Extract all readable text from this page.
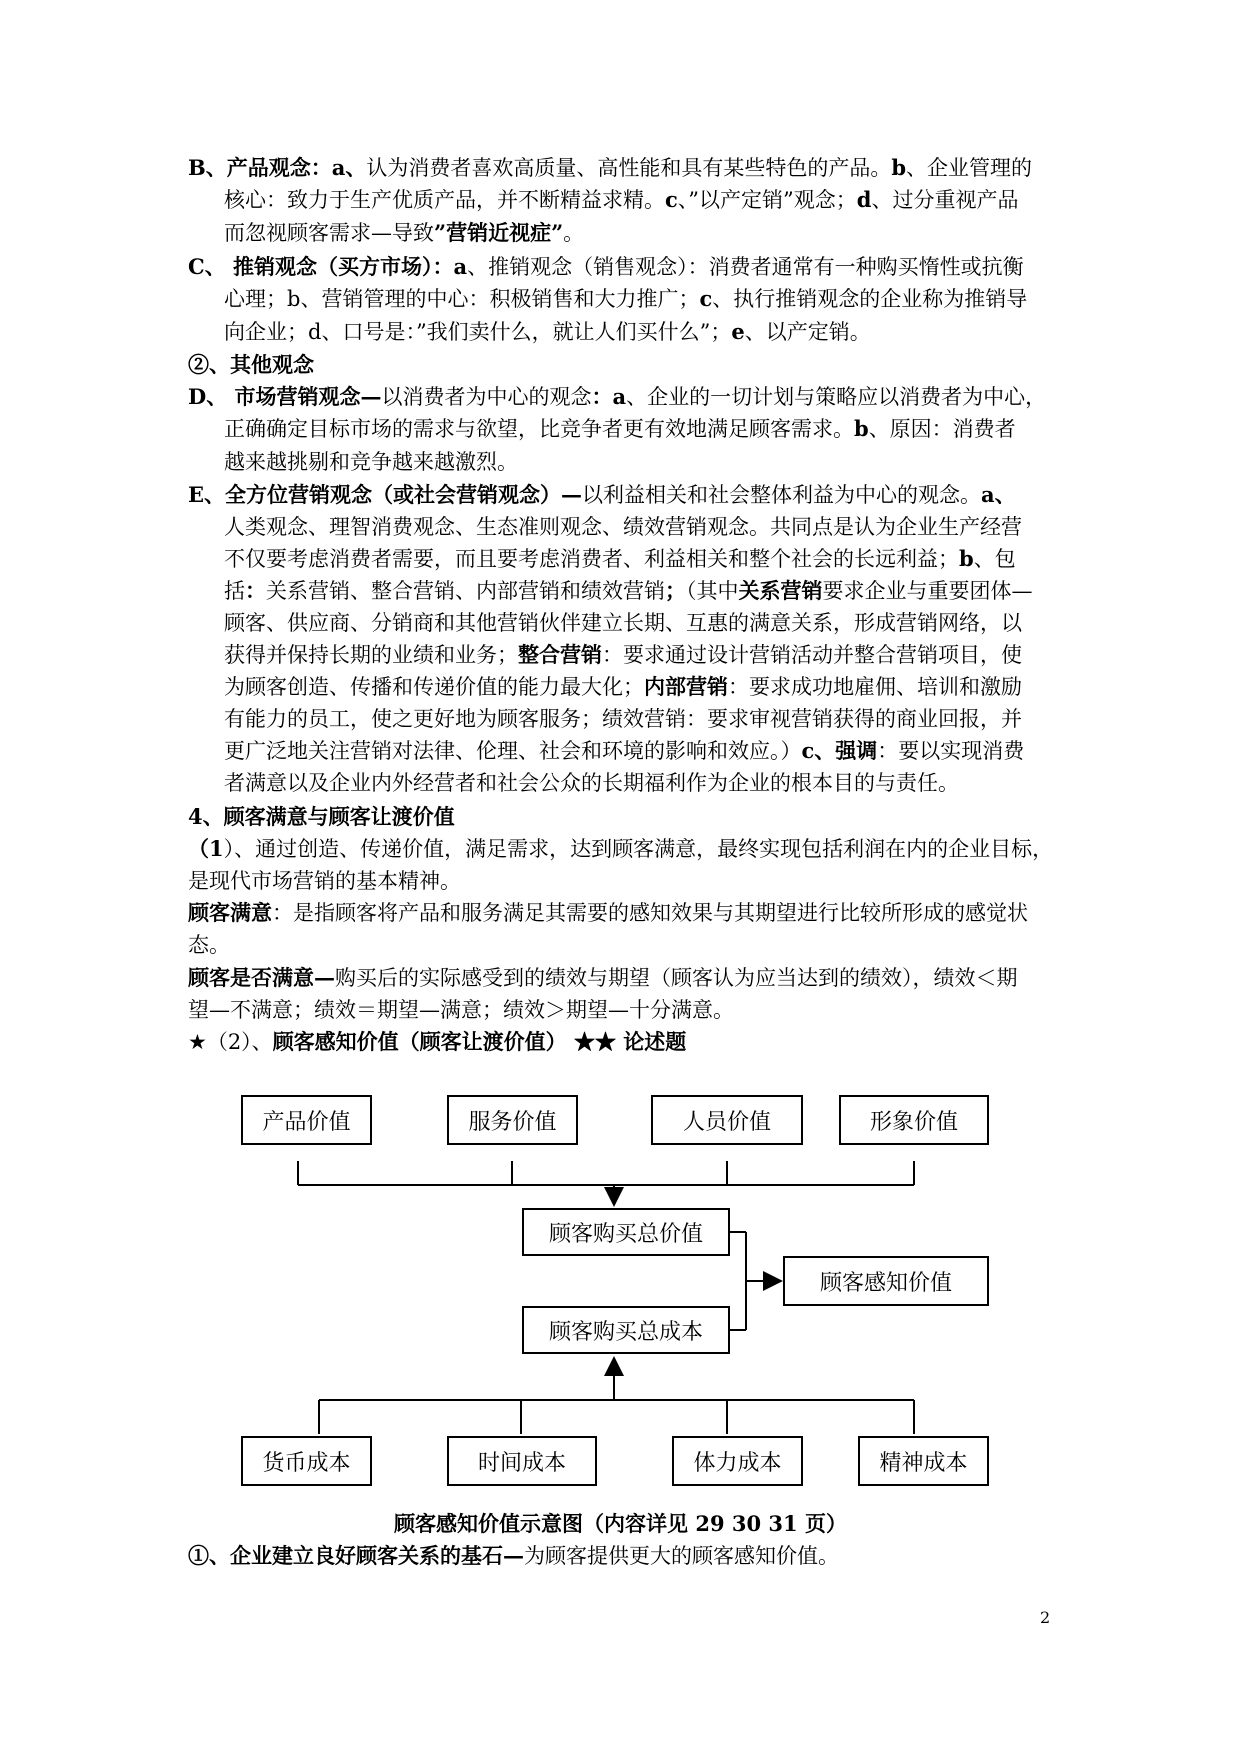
B、产品观念：a、认为消费者喜欢高质量、高性能和具有某些特色的产品。b、企业管理的
核心：致力于生产优质产品，并不断精益求精。c、”以产定销”观念；d、过分重视产品
而忽视顾客需求—导致”营销近视症”。
C、 推销观念（买方市场）：a、推销观念（销售观念）：消费者通常有一种购买惰性或抗衡
心理；b、营销管理的中心：积极销售和大力推广；c、执行推销观念的企业称为推销导
向企业；d、口号是：”我们卖什么，就让人们买什么”；e、以产定销。
②、其他观念
D、 市场营销观念—以消费者为中心的观念：a、企业的一切计划与策略应以消费者为中心，
正确确定目标市场的需求与欲望，比竞争者更有效地满足顾客需求。b、原因：消费者
越来越挑剔和竞争越来越激烈。
E、全方位营销观念（或社会营销观念）—以利益相关和社会整体利益为中心的观念。a、
人类观念、理智消费观念、生态准则观念、绩效营销观念。共同点是认为企业生产经营
不仅要考虑消费者需要，而且要考虑消费者、利益相关和整个社会的长远利益；b、包
括：关系营销、整合营销、内部营销和绩效营销；（其中关系营销要求企业与重要团体—
顾客、供应商、分销商和其他营销伙伴建立长期、互惠的满意关系，形成营销网络，以
获得并保持长期的业绩和业务；整合营销：要求通过设计营销活动并整合营销项目，使
为顾客创造、传播和传递价值的能力最大化；内部营销：要求成功地雇佣、培训和激励
有能力的员工，使之更好地为顾客服务；绩效营销：要求审视营销获得的商业回报，并
更广泛地关注营销对法律、伦理、社会和环境的影响和效应。）c、强调：要以实现消费
者满意以及企业内外经营者和社会公众的长期福利作为企业的根本目的与责任。
4、顾客满意与顾客让渡价值
（1）、通过创造、传递价值，满足需求，达到顾客满意，最终实现包括利润在内的企业目标，
是现代市场营销的基本精神。
顾客满意：是指顾客将产品和服务满足其需要的感知效果与其期望进行比较所形成的感觉状
态。
顾客是否满意—购买后的实际感受到的绩效与期望（顾客认为应当达到的绩效），绩效＜期
望—不满意；绩效＝期望—满意；绩效＞期望—十分满意。
★（2）、顾客感知价值（顾客让渡价值） ★★ 论述题
产品价值	服务价值	人员价值	形象价值
顾客购买总价值
顾客感知价值
顾客购买总成本
货币成本	时间成本	体力成本	精神成本
顾客感知价值示意图（内容详见 29 30 31 页）
①、企业建立良好顾客关系的基石—为顾客提供更大的顾客感知价值。
2
